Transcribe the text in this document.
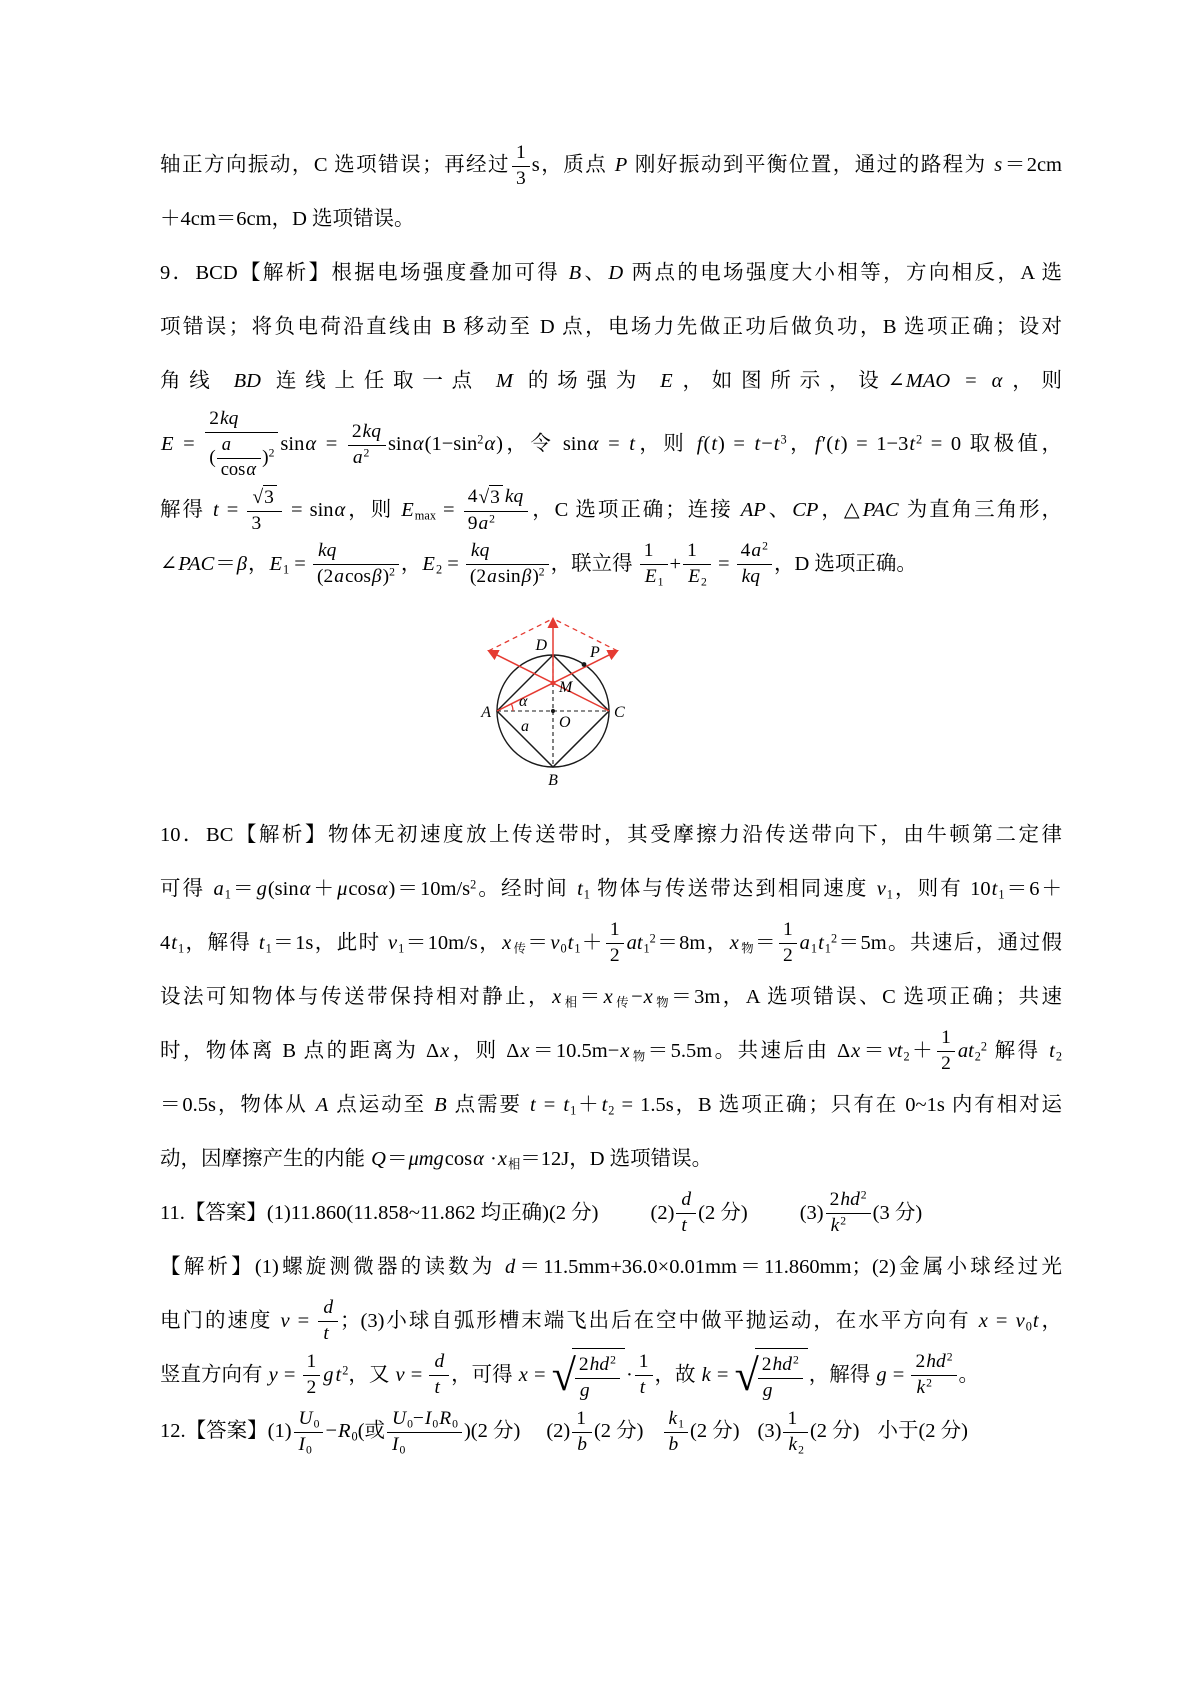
轴正方向振动，C 选项错误；再经过 $\frac{1}{3}$ s，质点 P 刚好振动到平衡位置，通过的路程为 s＝2cm
＋4cm＝6cm，D 选项错误。
9．BCD【解析】根据电场强度叠加可得 B、D 两点的电场强度大小相等，方向相反，A 选
项错误；将负电荷沿直线由 B 移动至 D 点，电场力先做正功后做负功，B 选项正确；设对
角线 BD 连线上任取一点 M 的场强为 E，如图所示，设∠MAO = α，则
$E = \frac{2kq}{( \frac{a}{\cos\alpha} )^2}$ $\sin\alpha = \frac{2kq}{a^2} \sin\alpha(1-\sin^2\alpha)$，令 sinα = t，则 $f(t) = t-t^3$，$f'(t) = 1-3t^2 = 0$ 取极值，
解得 $t = \frac{√3}{3} = \sin\alpha$，则 $E_{max} = \frac{4√3 kq}{9a^2}$ ，C 选项正确；连接 AP、CP，△PAC 为直角三角形，
∠PAC＝β，$E_1 = \frac{kq}{(2acos\beta)^2}$ ，$E_2 = \frac{kq}{(2asin\beta)^2}$ ，联立得 $\frac{1}{E_1} + \frac{1}{E_2} = \frac{4a^2}{kq}$ ，D 选项正确。
A
B
C
D
M
O
P
a
α
10．BC【解析】物体无初速度放上传送带时，其受摩擦力沿传送带向下，由牛顿第二定律
可得 $a_1=g(\sin\alpha+\mu\cos\alpha)=10m/s^2$。经时间 $t_1$ 物体与传送带达到相同速度 $v_1$，则有 $10t_1=6+$
$4t_1$，解得 $t_1=1s$，此时 $v_1=10m/s$，$x_传=v_0t_1+ \frac{1}{2} at_1^2=8m$，$x_物= \frac{1}{2} a_1t_1^2=5m$。共速后，通过假
设法可知物体与传送带保持相对静止，$x_相=x_传-x_物=3m$，A 选项错误、C 选项正确；共速
时，物体离 B 点的距离为 Δx，则 $\Delta x=10.5m-x_物=5.5m$。共速后由 $\Delta x=vt_2+ \frac{1}{2} at_2^2$ 解得 $t_2$
＝0.5s，物体从 A 点运动至 B 点需要 $t = t_1+t_2 = 1.5s$，B 选项正确；只有在 0~1s 内有相对运
动，因摩擦产生的内能 $Q=\mu mgcos\alpha \cdot x_相=12J$，D 选项错误。
11.【答案】(1)11.860(11.858~11.862 均正确)(2 分)	$(2) \frac{d}{t} (2$ 分)	$(3) \frac{2hd^2}{k^2} (3$ 分)
【解析】(1)螺旋测微器的读数为 d＝11.5mm+36.0×0.01mm＝11.860mm；(2)金属小球经过光
电门的速度 $v = \frac{d}{t}$ ；(3)小球自弧形槽末端飞出后在空中做平抛运动，在水平方向有 $x = v_0t$，
竖直方向有 $y = \frac{1}{2} gt^2$，又 $v = \frac{d}{t}$ ，可得 x = √ $\frac{2hd^2}{g} \cdot \frac{1}{t}$ ，故 k = √ $\frac{2hd^2}{g}$ ，解得 $g = \frac{2hd^2}{k^2}$ 。
12.【答案】$(1) \frac{U_0}{I_0} -R_0$(或 $\frac{U_0-I_0R_0}{I_0} )(2$ 分) $(2) \frac{1}{b} (2$ 分) $\frac{k_1}{b} (2$ 分) $(3) \frac{1}{k_2} (2$ 分) 小于(2 分)
